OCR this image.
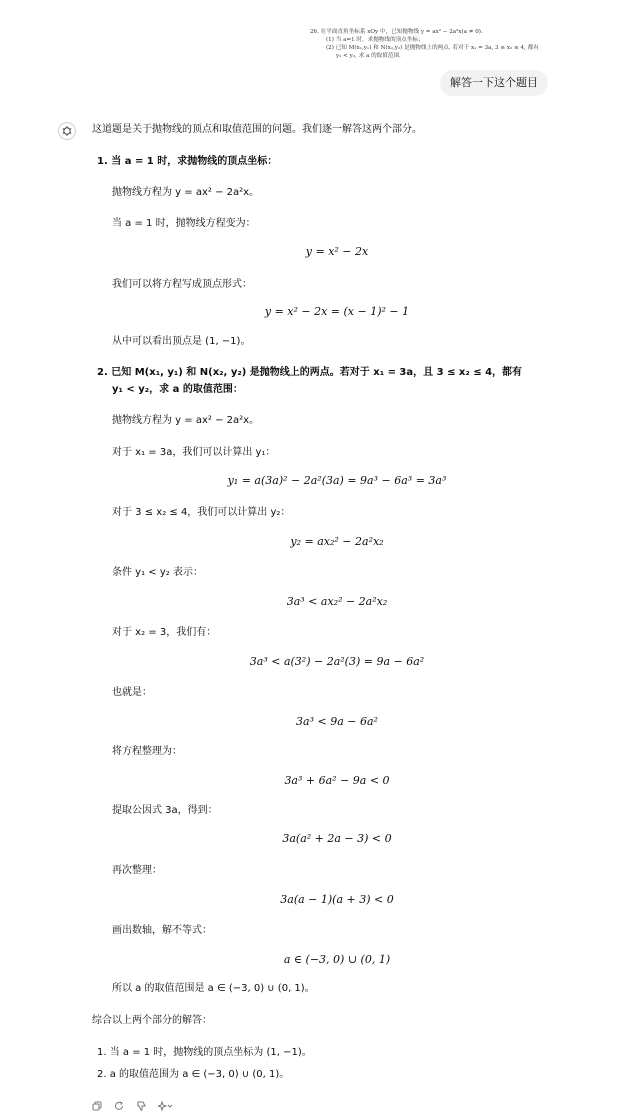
26. 在平面直角坐标系 xOy 中，已知抛物线 y = ax² − 2a²x(a ≠ 0).
(1) 当 a=1 时，求抛物线的顶点坐标；
(2) 已知 M(x₁,y₁) 和 N(x₂,y₂) 是抛物线上的两点. 若对于 x₁ = 3a, 3 ≤ x₂ ≤ 4, 都有
y₁ < y₂, 求 a 的取值范围.
解答一下这个题目
这道题是关于抛物线的顶点和取值范围的问题。我们逐一解答这两个部分。
1. 当 a = 1 时，求抛物线的顶点坐标：
抛物线方程为 y = ax² − 2a²x。
当 a = 1 时，抛物线方程变为：
y = x² − 2x
我们可以将方程写成顶点形式：
y = x² − 2x = (x − 1)² − 1
从中可以看出顶点是 (1, −1)。
2. 已知 M(x₁, y₁) 和 N(x₂, y₂) 是抛物线上的两点。若对于 x₁ = 3a，且 3 ≤ x₂ ≤ 4，都有
y₁ < y₂，求 a 的取值范围：
抛物线方程为 y = ax² − 2a²x。
对于 x₁ = 3a，我们可以计算出 y₁：
y₁ = a(3a)² − 2a²(3a) = 9a³ − 6a³ = 3a³
对于 3 ≤ x₂ ≤ 4，我们可以计算出 y₂：
y₂ = ax₂² − 2a²x₂
条件 y₁ < y₂ 表示：
3a³ < ax₂² − 2a²x₂
对于 x₂ = 3，我们有：
3a³ < a(3²) − 2a²(3) = 9a − 6a²
也就是：
3a³ < 9a − 6a²
将方程整理为：
3a³ + 6a² − 9a < 0
提取公因式 3a，得到：
3a(a² + 2a − 3) < 0
再次整理：
3a(a − 1)(a + 3) < 0
画出数轴，解不等式：
a ∈ (−3, 0) ∪ (0, 1)
所以 a 的取值范围是 a ∈ (−3, 0) ∪ (0, 1)。
综合以上两个部分的解答：
1. 当 a = 1 时，抛物线的顶点坐标为 (1, −1)。
2. a 的取值范围为 a ∈ (−3, 0) ∪ (0, 1)。
